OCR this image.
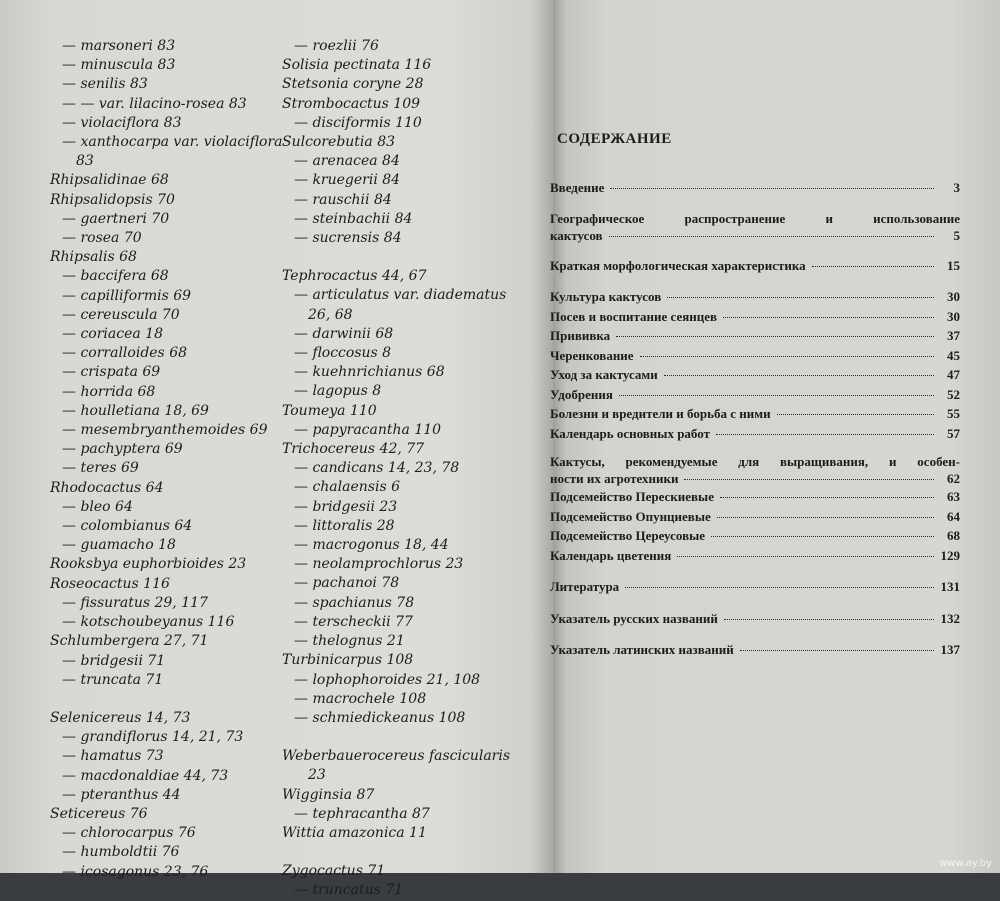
— marsoneri 83
— minuscula 83
— senilis 83
— — var. lilacino-rosea 83
— violaciflora 83
— xanthocarpa var. violaciflora
83
Rhipsalidinae 68
Rhipsalidopsis 70
— gaertneri 70
— rosea 70
Rhipsalis 68
— baccifera 68
— capilliformis 69
— cereuscula 70
— coriacea 18
— corralloides 68
— crispata 69
— horrida 68
— houlletiana 18, 69
— mesembryanthemoides 69
— pachyptera 69
— teres 69
Rhodocactus 64
— bleo 64
— colombianus 64
— guamacho 18
Rooksbya euphorbioides 23
Roseocactus 116
— fissuratus 29, 117
— kotschoubeyanus 116
Schlumbergera 27, 71
— bridgesii 71
— truncata 71
Selenicereus 14, 73
— grandiflorus 14, 21, 73
— hamatus 73
— macdonaldiae 44, 73
— pteranthus 44
Setiсereus 76
— chlorocarpus 76
— humboldtii 76
— icosagonus 23, 76
— roezlii 76
Solisia pectinata 116
Stetsonia coryne 28
Strombocactus 109
— disciformis 110
Sulcorebutia 83
— arenacea 84
— kruegerii 84
— rauschii 84
— steinbachii 84
— sucrensis 84
Tephrocactus 44, 67
— articulatus var. diadematus
26, 68
— darwinii 68
— floccosus 8
— kuehnrichianus 68
— lagopus 8
Toumeya 110
— papyracantha 110
Trichocereus 42, 77
— candicans 14, 23, 78
— chalaensis 6
— bridgesii 23
— littoralis 28
— macrogonus 18, 44
— neolamprochlorus 23
— pachanoi 78
— spachianus 78
— terscheckii 77
— thelognus 21
Turbinicarpus 108
— lophophoroides 21, 108
— macrochele 108
— schmiedickeanus 108
Weberbauerocereus fascicularis
23
Wigginsia 87
— tephracantha 87
Wittia amazonica 11
Zygocactus 71
— truncatus 71
СОДЕРЖАНИЕ
Введение	3
Географическое распространение и использование
кактусов	5
Краткая морфологическая характеристика	15
Культура кактусов	30
Посев и воспитание сеянцев	30
Прививка	37
Черенкование	45
Уход за кактусами	47
Удобрения	52
Болезни и вредители и борьба с ними	55
Календарь основных работ	57
Кактусы, рекомендуемые для выращивания, и особен-
ности их агротехники	62
Подсемейство Перескиевые	63
Подсемейство Опунциевые	64
Подсемейство Цереусовые	68
Календарь цветения	129
Литература	131
Указатель русских названий	132
Указатель латинских названий	137
www.ay.by
